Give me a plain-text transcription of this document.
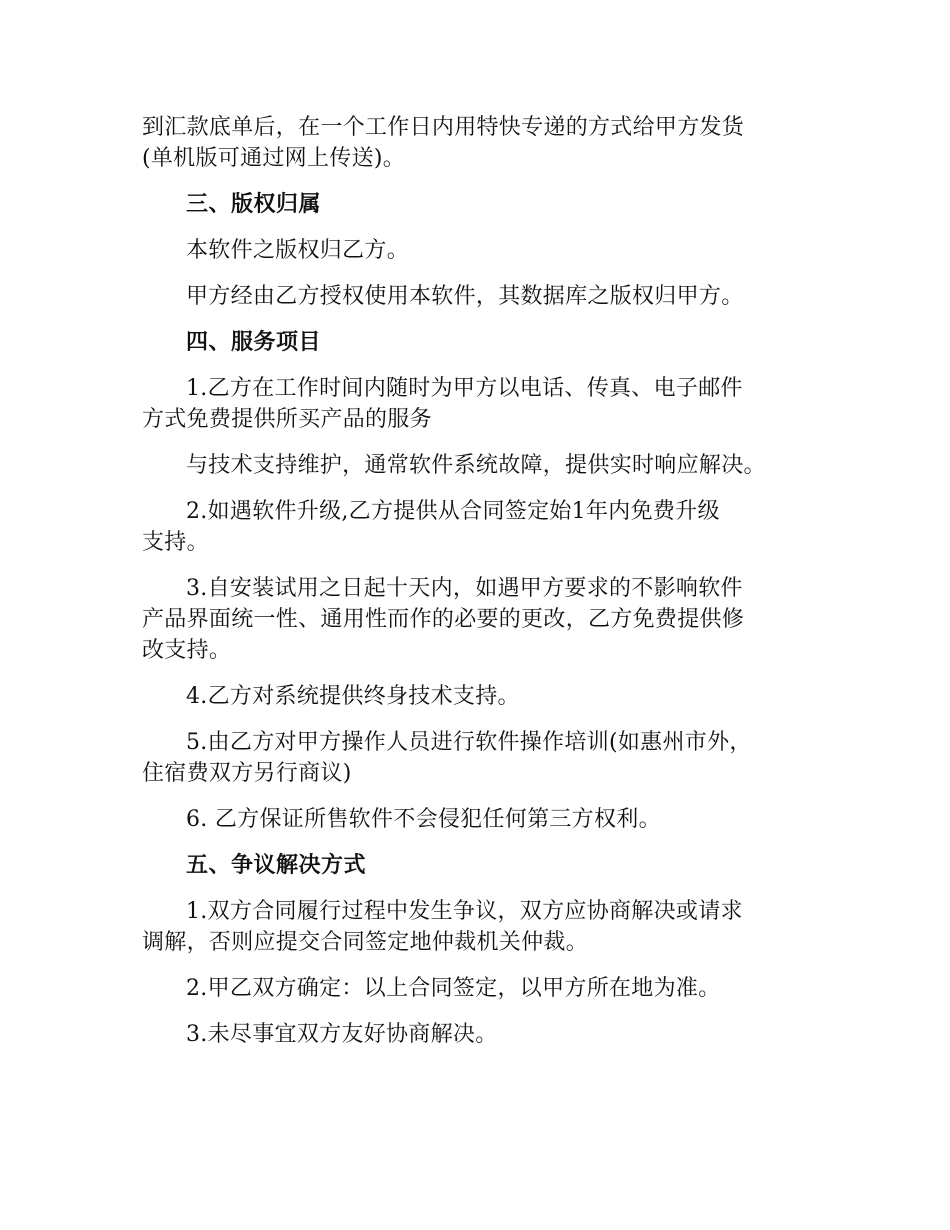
到汇款底单后，在一个工作日内用特快专递的方式给甲方发货
(单机版可通过网上传送)。

三、版权归属

本软件之版权归乙方。

甲方经由乙方授权使用本软件，其数据库之版权归甲方。

四、服务项目

1.乙方在工作时间内随时为甲方以电话、传真、电子邮件
方式免费提供所买产品的服务

与技术支持维护，通常软件系统故障，提供实时响应解决。

2.如遇软件升级,乙方提供从合同签定始1年内免费升级
支持。

3.自安装试用之日起十天内，如遇甲方要求的不影响软件
产品界面统一性、通用性而作的必要的更改，乙方免费提供修
改支持。

4.乙方对系统提供终身技术支持。

5.由乙方对甲方操作人员进行软件操作培训(如惠州市外，
住宿费双方另行商议)

6. 乙方保证所售软件不会侵犯任何第三方权利。

五、争议解决方式

1.双方合同履行过程中发生争议，双方应协商解决或请求
调解，否则应提交合同签定地仲裁机关仲裁。

2.甲乙双方确定：以上合同签定，以甲方所在地为准。

3.未尽事宜双方友好协商解决。
